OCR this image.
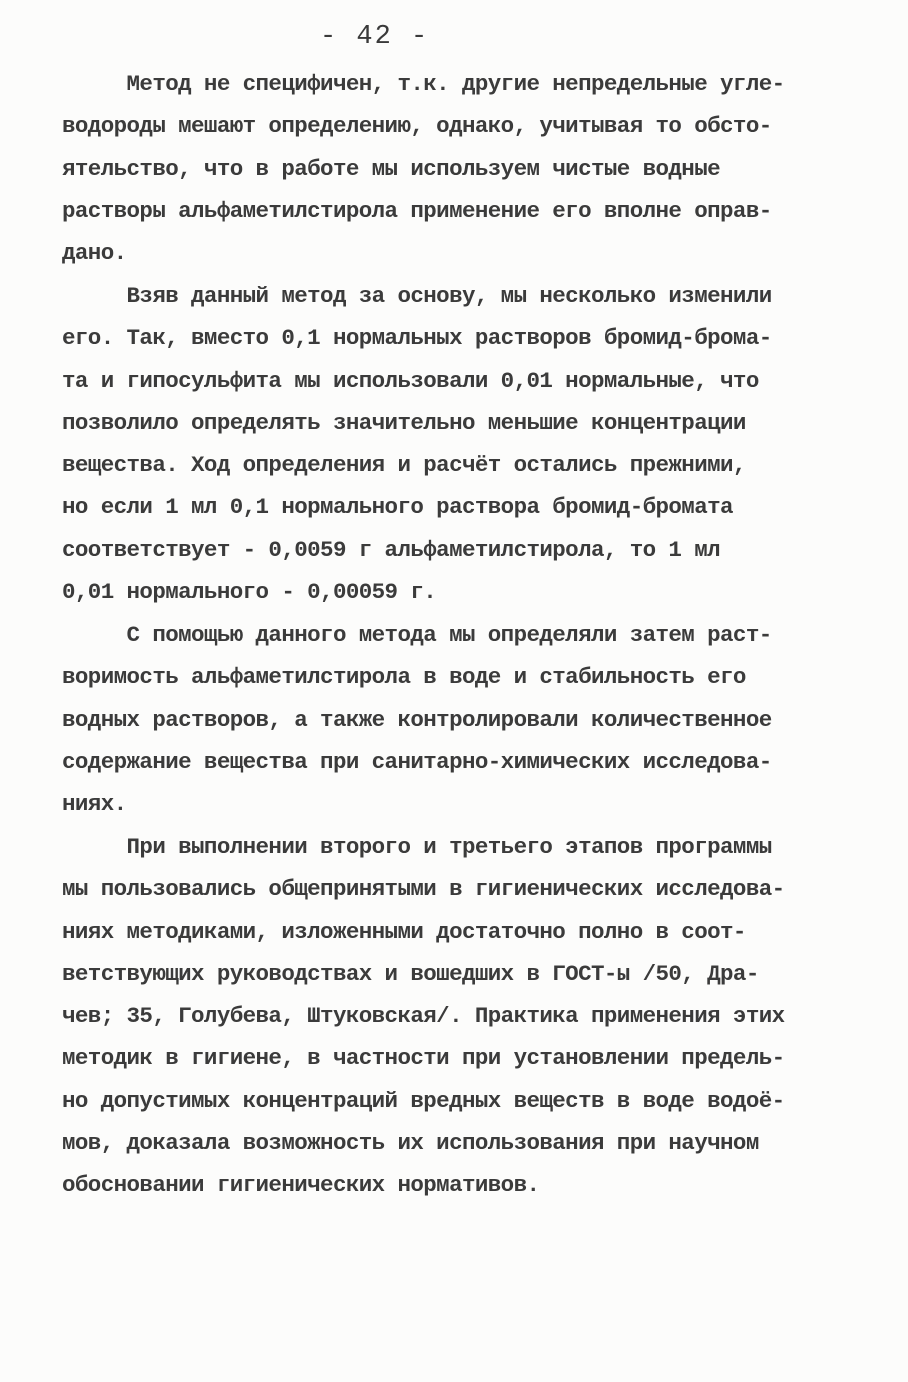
- 42 -
Метод не специфичен, т.к. другие непредельные угле-
водороды мешают определению, однако, учитывая то обсто-
ятельство, что в работе мы используем чистые водные
растворы альфаметилстирола применение его вполне оправ-
дано.
Взяв данный метод за основу, мы несколько изменили
его. Так, вместо 0,1 нормальных растворов бромид-брома-
та и гипосульфита мы использовали 0,01 нормальные, что
позволило определять значительно меньшие концентрации
вещества. Ход определения и расчёт остались прежними,
но если 1 мл 0,1 нормального раствора бромид-бромата
соответствует - 0,0059 г альфаметилстирола, то 1 мл
0,01 нормального - 0,00059 г.
С помощью данного метода мы определяли затем раст-
воримость альфаметилстирола в воде и стабильность его
водных растворов, а также контролировали количественное
содержание вещества при санитарно-химических исследова-
ниях.
При выполнении второго и третьего этапов программы
мы пользовались общепринятыми в гигиенических исследова-
ниях методиками, изложенными достаточно полно в соот-
ветствующих руководствах и вошедших в ГОСТ-ы /50, Дра-
чев; 35, Голубева, Штуковская/. Практика применения этих
методик в гигиене, в частности при установлении предель-
но допустимых концентраций вредных веществ в воде водоё-
мов, доказала возможность их использования при научном
обосновании гигиенических нормативов.
